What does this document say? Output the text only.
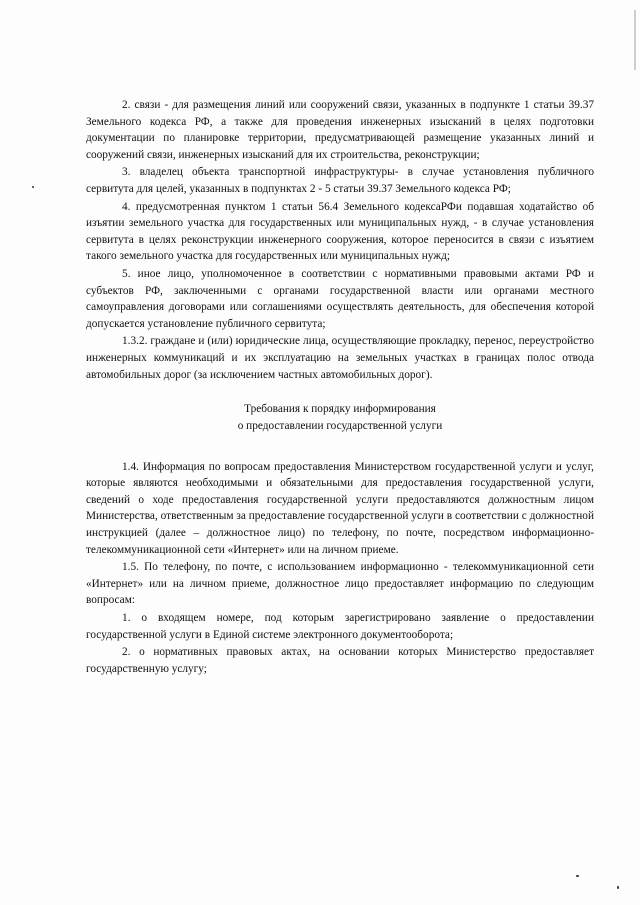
2. связи - для размещения линий или сооружений связи, указанных в подпункте 1 статьи 39.37 Земельного кодекса РФ, а также для проведения инженерных изысканий в целях подготовки документации по планировке территории, предусматривающей размещение указанных линий и сооружений связи, инженерных изысканий для их строительства, реконструкции;

3. владелец объекта транспортной инфраструктуры- в случае установления публичного сервитута для целей, указанных в подпунктах 2 - 5 статьи 39.37 Земельного кодекса РФ;

4. предусмотренная пунктом 1 статьи 56.4 Земельного кодексаРФи подавшая ходатайство об изъятии земельного участка для государственных или муниципальных нужд, - в случае установления сервитута в целях реконструкции инженерного сооружения, которое переносится в связи с изъятием такого земельного участка для государственных или муниципальных нужд;

5. иное лицо, уполномоченное в соответствии с нормативными правовыми актами РФ и субъектов РФ, заключенными с органами государственной власти или органами местного самоуправления договорами или соглашениями осуществлять деятельность, для обеспечения которой допускается установление публичного сервитута;

1.3.2. граждане и (или) юридические лица, осуществляющие прокладку, перенос, переустройство инженерных коммуникаций и их эксплуатацию на земельных участках в границах полос отвода автомобильных дорог (за исключением частных автомобильных дорог).

Требования к порядку информирования

о предоставлении государственной услуги

1.4. Информация по вопросам предоставления Министерством государственной услуги и услуг, которые являются необходимыми и обязательными для предоставления государственной услуги, сведений о ходе предоставления государственной услуги предоставляются должностным лицом Министерства, ответственным за предоставление государственной услуги в соответствии с должностной инструкцией (далее – должностное лицо) по телефону, по почте, посредством информационно-телекоммуникационной сети «Интернет» или на личном приеме.

1.5. По телефону, по почте, с использованием информационно - телекоммуникационной сети «Интернет» или на личном приеме, должностное лицо предоставляет информацию по следующим вопросам:

1. о входящем номере, под которым зарегистрировано заявление о предоставлении государственной услуги в Единой системе электронного документооборота;

2. о нормативных правовых актах, на основании которых Министерство предоставляет государственную услугу;
